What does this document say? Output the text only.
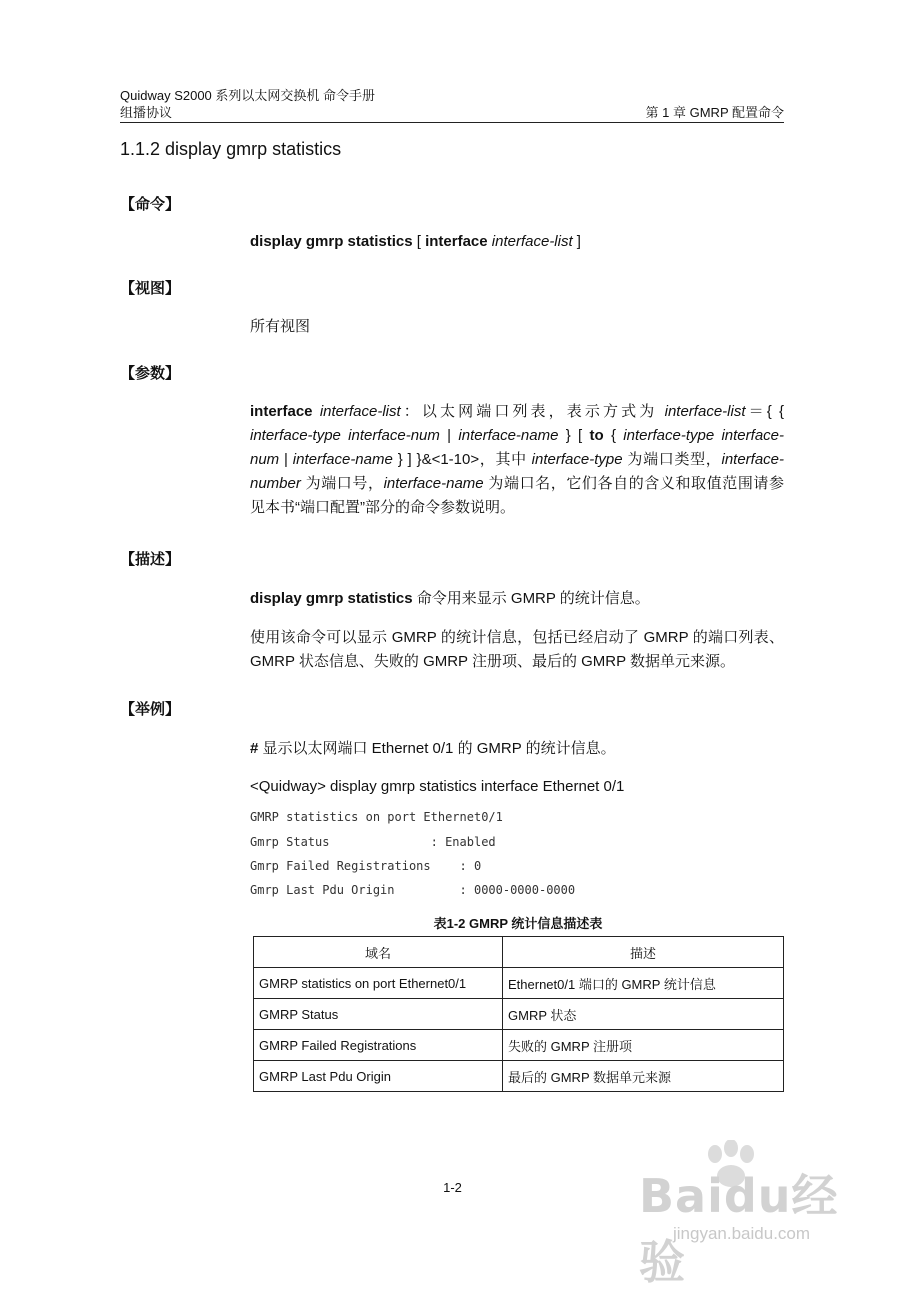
Quidway S2000 系列以太网交换机 命令手册
组播协议	第 1 章 GMRP 配置命令
1.1.2 display gmrp statistics
【命令】
display gmrp statistics [ interface interface-list ]
【视图】
所有视图
【参数】
interface interface-list：以太网端口列表，表示方式为 interface-list＝{ { interface-type interface-num | interface-name } [ to { interface-type interface-num | interface-name } ] }&<1-10>，其中 interface-type 为端口类型，interface-number 为端口号，interface-name 为端口名，它们各自的含义和取值范围请参见本书“端口配置”部分的命令参数说明。
【描述】
display gmrp statistics 命令用来显示 GMRP 的统计信息。
使用该命令可以显示 GMRP 的统计信息，包括已经启动了 GMRP 的端口列表、GMRP 状态信息、失败的 GMRP 注册项、最后的 GMRP 数据单元来源。
【举例】
# 显示以太网端口 Ethernet 0/1 的 GMRP 的统计信息。
<Quidway> display gmrp statistics interface Ethernet 0/1
GMRP statistics on port Ethernet0/1
Gmrp Status              : Enabled
Gmrp Failed Registrations    : 0
Gmrp Last Pdu Origin         : 0000-0000-0000
表1-2 GMRP 统计信息描述表
域名	描述
GMRP statistics on port Ethernet0/1	Ethernet0/1 端口的 GMRP 统计信息
GMRP Status	GMRP 状态
GMRP Failed Registrations	失败的 GMRP 注册项
GMRP Last Pdu Origin	最后的 GMRP 数据单元来源
1-2	Baidu经验
jingyan.baidu.com
